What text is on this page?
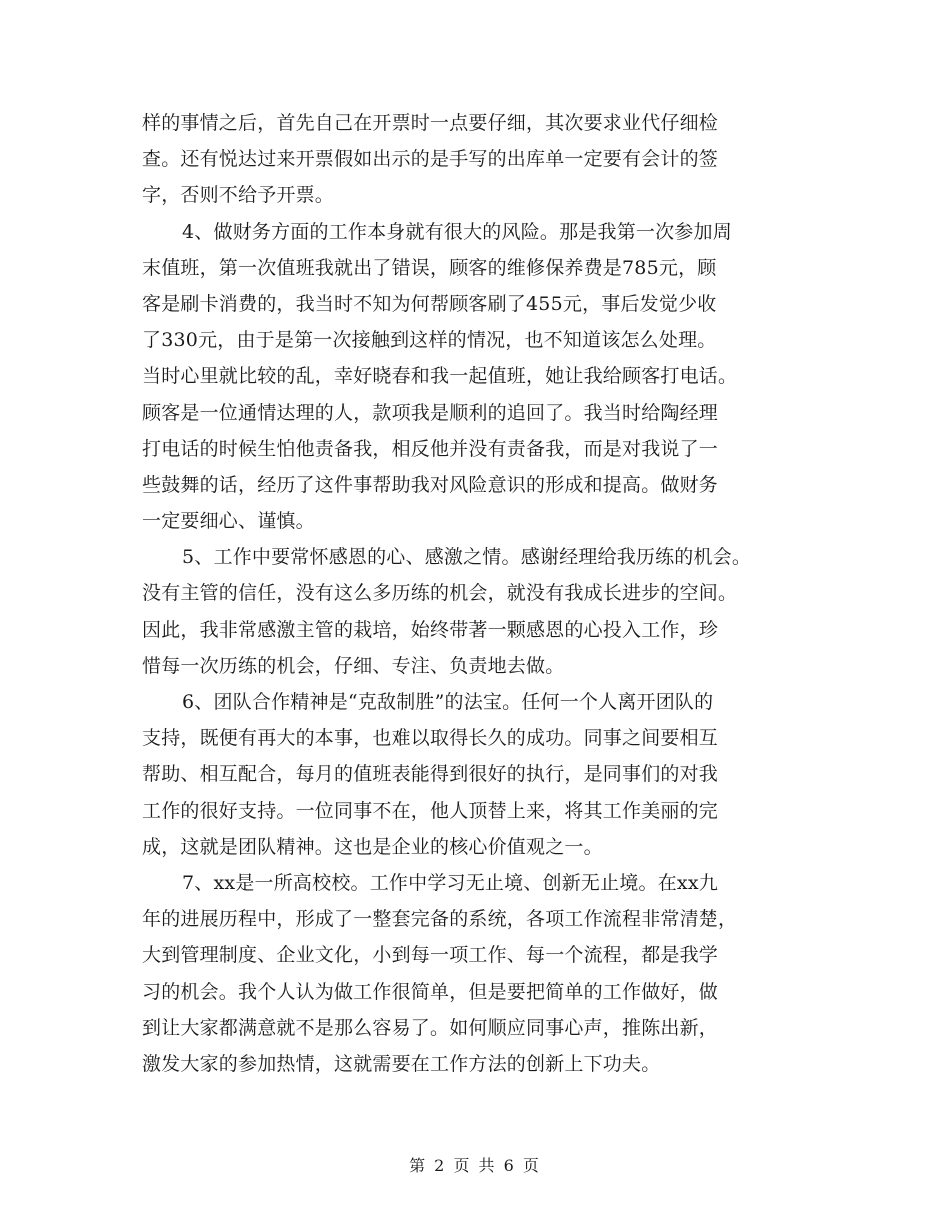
样的事情之后，首先自己在开票时一点要仔细，其次要求业代仔细检
查。还有悦达过来开票假如出示的是手写的出库单一定要有会计的签
字，否则不给予开票。
4、做财务方面的工作本身就有很大的风险。那是我第一次参加周
末值班，第一次值班我就出了错误，顾客的维修保养费是785元，顾
客是刷卡消费的，我当时不知为何帮顾客刷了455元，事后发觉少收
了330元，由于是第一次接触到这样的情况，也不知道该怎么处理。
当时心里就比较的乱，幸好晓春和我一起值班，她让我给顾客打电话。
顾客是一位通情达理的人，款项我是顺利的追回了。我当时给陶经理
打电话的时候生怕他责备我，相反他并没有责备我，而是对我说了一
些鼓舞的话，经历了这件事帮助我对风险意识的形成和提高。做财务
一定要细心、谨慎。
5、工作中要常怀感恩的心、感激之情。感谢经理给我历练的机会。
没有主管的信任，没有这么多历练的机会，就没有我成长进步的空间。
因此，我非常感激主管的栽培，始终带著一颗感恩的心投入工作，珍
惜每一次历练的机会，仔细、专注、负责地去做。
6、团队合作精神是“克敌制胜”的法宝。任何一个人离开团队的
支持，既便有再大的本事，也难以取得长久的成功。同事之间要相互
帮助、相互配合，每月的值班表能得到很好的执行，是同事们的对我
工作的很好支持。一位同事不在，他人顶替上来，将其工作美丽的完
成，这就是团队精神。这也是企业的核心价值观之一。
7、xx是一所高校校。工作中学习无止境、创新无止境。在xx九
年的进展历程中，形成了一整套完备的系统，各项工作流程非常清楚，
大到管理制度、企业文化，小到每一项工作、每一个流程，都是我学
习的机会。我个人认为做工作很简单，但是要把简单的工作做好，做
到让大家都满意就不是那么容易了。如何顺应同事心声，推陈出新，
激发大家的参加热情，这就需要在工作方法的创新上下功夫。
第 2 页 共 6 页
